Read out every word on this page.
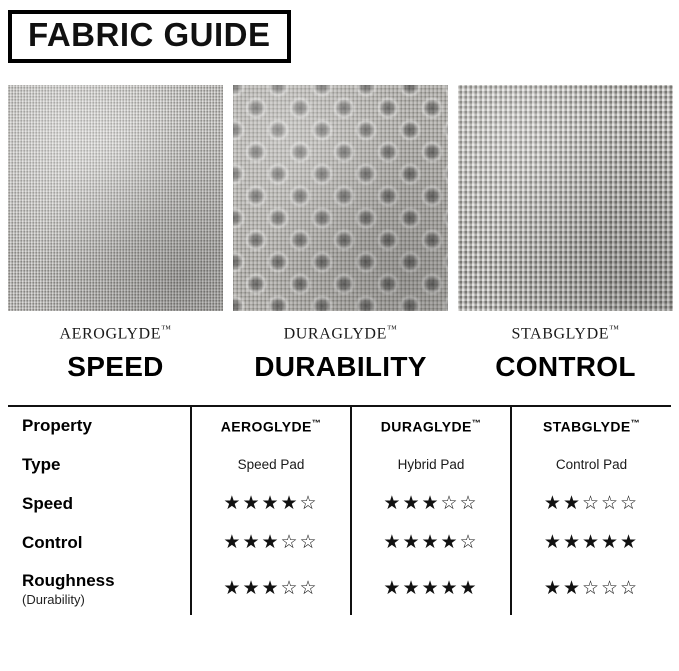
FABRIC GUIDE
AEROGLYDE™
SPEED
DURAGLYDE™
DURABILITY
STABGLYDE™
CONTROL
Property	AEROGLYDE™	DURAGLYDE™	STABGLYDE™
Type	Speed Pad	Hybrid Pad	Control Pad
Speed	★★★★☆	★★★☆☆	★★☆☆☆
Control	★★★☆☆	★★★★☆	★★★★★
Roughness
(Durability)	★★★☆☆	★★★★★	★★☆☆☆
